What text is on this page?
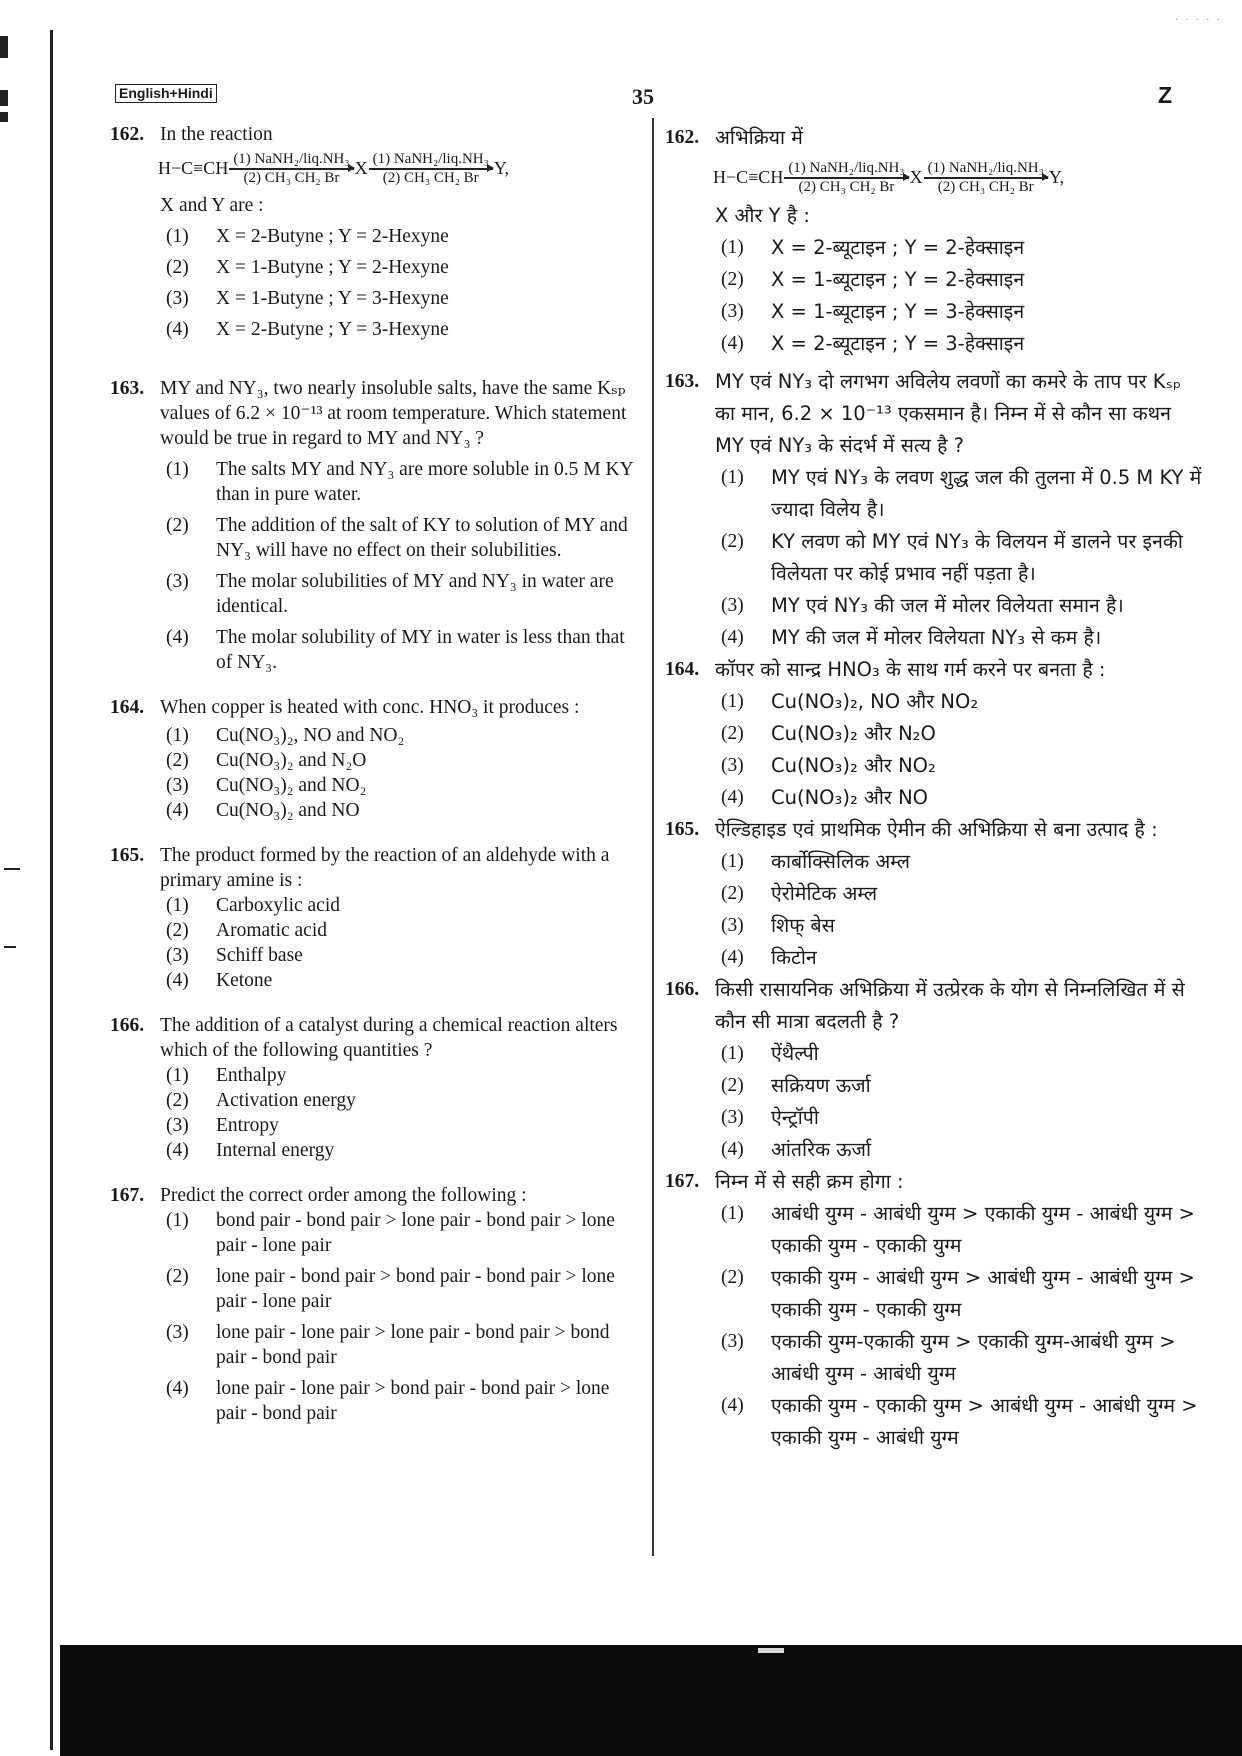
· · · · ·
English+Hindi	35	Z
162. In the reaction
H−C≡CH (1) NaNH₂/liq.NH₃
(2) CH₃ CH₂ Br X (1) NaNH₂/liq.NH₃
(2) CH₃ CH₂ Br Y,
X and Y are :
(1) X = 2-Butyne ; Y = 2-Hexyne
(2) X = 1-Butyne ; Y = 2-Hexyne
(3) X = 1-Butyne ; Y = 3-Hexyne
(4) X = 2-Butyne ; Y = 3-Hexyne
163. MY and NY₃, two nearly insoluble salts, have the same Kₛₚ values of 6.2 × 10⁻¹³ at room temperature. Which statement would be true in regard to MY and NY₃ ?
(1) The salts MY and NY₃ are more soluble in 0.5 M KY than in pure water.
(2) The addition of the salt of KY to solution of MY and NY₃ will have no effect on their solubilities.
(3) The molar solubilities of MY and NY₃ in water are identical.
(4) The molar solubility of MY in water is less than that of NY₃.
164. When copper is heated with conc. HNO₃ it produces :
(1) Cu(NO₃)₂, NO and NO₂
(2) Cu(NO₃)₂ and N₂O
(3) Cu(NO₃)₂ and NO₂
(4) Cu(NO₃)₂ and NO
165. The product formed by the reaction of an aldehyde with a primary amine is :
(1) Carboxylic acid
(2) Aromatic acid
(3) Schiff base
(4) Ketone
166. The addition of a catalyst during a chemical reaction alters which of the following quantities ?
(1) Enthalpy
(2) Activation energy
(3) Entropy
(4) Internal energy
167. Predict the correct order among the following :
(1) bond pair - bond pair > lone pair - bond pair > lone pair - lone pair
(2) lone pair - bond pair > bond pair - bond pair > lone pair - lone pair
(3) lone pair - lone pair > lone pair - bond pair > bond pair - bond pair
(4) lone pair - lone pair > bond pair - bond pair > lone pair - bond pair
162. अभिक्रिया में
H−C≡CH (1) NaNH₂/liq.NH₃
(2) CH₃ CH₂ Br X (1) NaNH₂/liq.NH₃
(2) CH₃ CH₂ Br Y,
X और Y है :
(1) X = 2-ब्यूटाइन ; Y = 2-हेक्साइन
(2) X = 1-ब्यूटाइन ; Y = 2-हेक्साइन
(3) X = 1-ब्यूटाइन ; Y = 3-हेक्साइन
(4) X = 2-ब्यूटाइन ; Y = 3-हेक्साइन
163. MY एवं NY₃ दो लगभग अविलेय लवणों का कमरे के ताप पर Kₛₚ का मान, 6.2 × 10⁻¹³ एकसमान है। निम्न में से कौन सा कथन MY एवं NY₃ के संदर्भ में सत्य है ?
(1) MY एवं NY₃ के लवण शुद्ध जल की तुलना में 0.5 M KY में ज्यादा विलेय है।
(2) KY लवण को MY एवं NY₃ के विलयन में डालने पर इनकी विलेयता पर कोई प्रभाव नहीं पड़ता है।
(3) MY एवं NY₃ की जल में मोलर विलेयता समान है।
(4) MY की जल में मोलर विलेयता NY₃ से कम है।
164. कॉपर को सान्द्र HNO₃ के साथ गर्म करने पर बनता है :
(1) Cu(NO₃)₂, NO और NO₂
(2) Cu(NO₃)₂ और N₂O
(3) Cu(NO₃)₂ और NO₂
(4) Cu(NO₃)₂ और NO
165. ऐल्डिहाइड एवं प्राथमिक ऐमीन की अभिक्रिया से बना उत्पाद है :
(1) कार्बोक्सिलिक अम्ल
(2) ऐरोमेटिक अम्ल
(3) शिफ् बेस
(4) किटोन
166. किसी रासायनिक अभिक्रिया में उत्प्रेरक के योग से निम्नलिखित में से कौन सी मात्रा बदलती है ?
(1) ऐंथैल्पी
(2) सक्रियण ऊर्जा
(3) ऐन्ट्रॉपी
(4) आंतरिक ऊर्जा
167. निम्न में से सही क्रम होगा :
(1) आबंधी युग्म - आबंधी युग्म > एकाकी युग्म - आबंधी युग्म > एकाकी युग्म - एकाकी युग्म
(2) एकाकी युग्म - आबंधी युग्म > आबंधी युग्म - आबंधी युग्म > एकाकी युग्म - एकाकी युग्म
(3) एकाकी युग्म-एकाकी युग्म > एकाकी युग्म-आबंधी युग्म > आबंधी युग्म - आबंधी युग्म
(4) एकाकी युग्म - एकाकी युग्म > आबंधी युग्म - आबंधी युग्म > एकाकी युग्म - आबंधी युग्म
